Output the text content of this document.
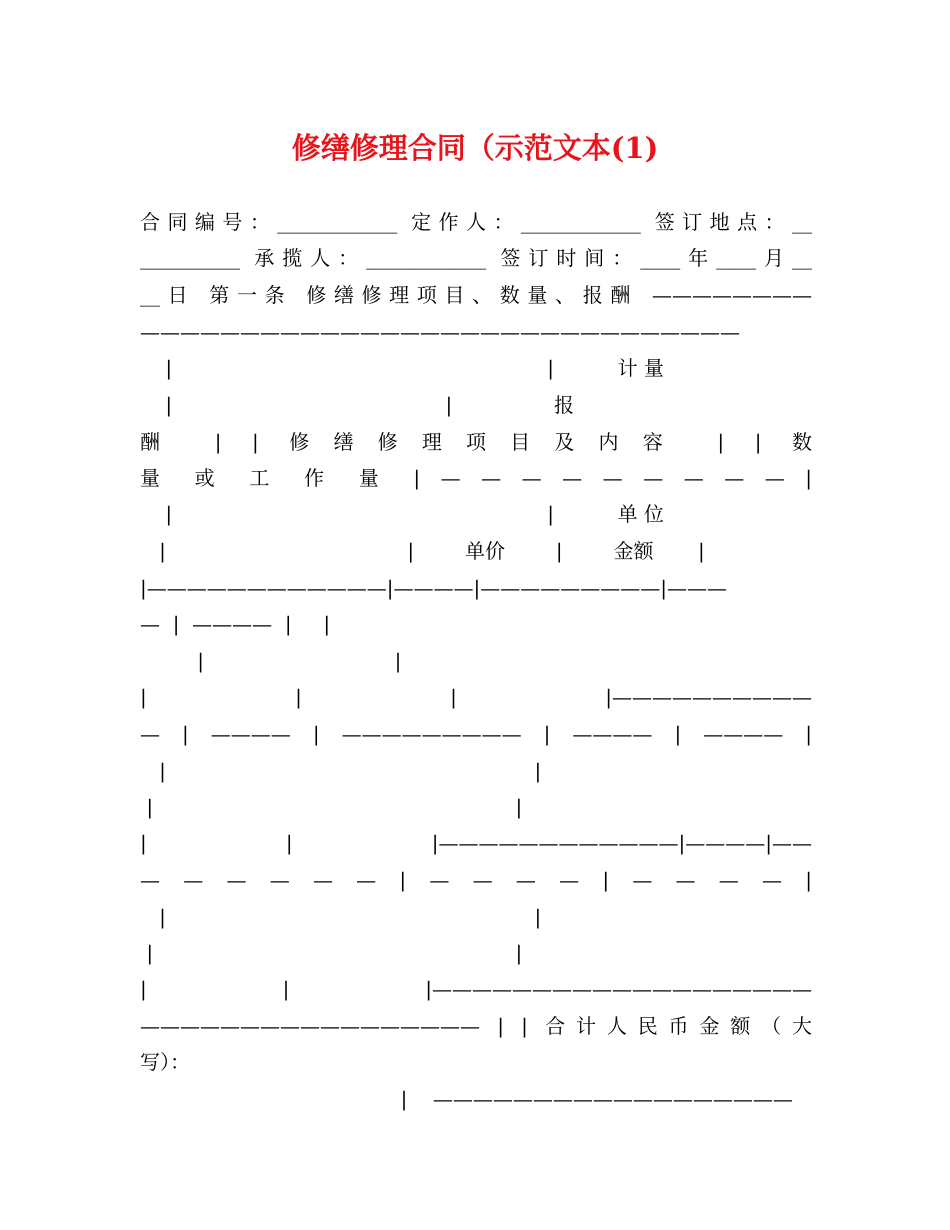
修缮修理合同（示范文本(1)
合同编号：____________ 定作人：____________ 签订地点：__
__________ 承揽人：____________ 签订时间：____年____月__
__日 第一条 修缮修理项目、数量、报酬 ————————
——————————————————————————————
|                                                           |          计 量
|                                           |                报
酬 | | 修缮修理项目及内容 | | 数
量 或 工 作 量 | — — — — — — — — — |
|                                                           |          单 位
|                                      |        单价        |        金额       |
|————————————|————|—————————|———
—  |  ————  |     |
|                              |
| | | |——————————
— | ———— | ————————— | ———— | ———— |
|                                                          |
|                                                         |
| | |————————————|————|——
— — — — — — | — — — — | — — — — |
|                                                          |
|                                                         |
| | |———————————————————
————————————————— | | 合计人民币金额（大
写）：
|    ——————————————————
